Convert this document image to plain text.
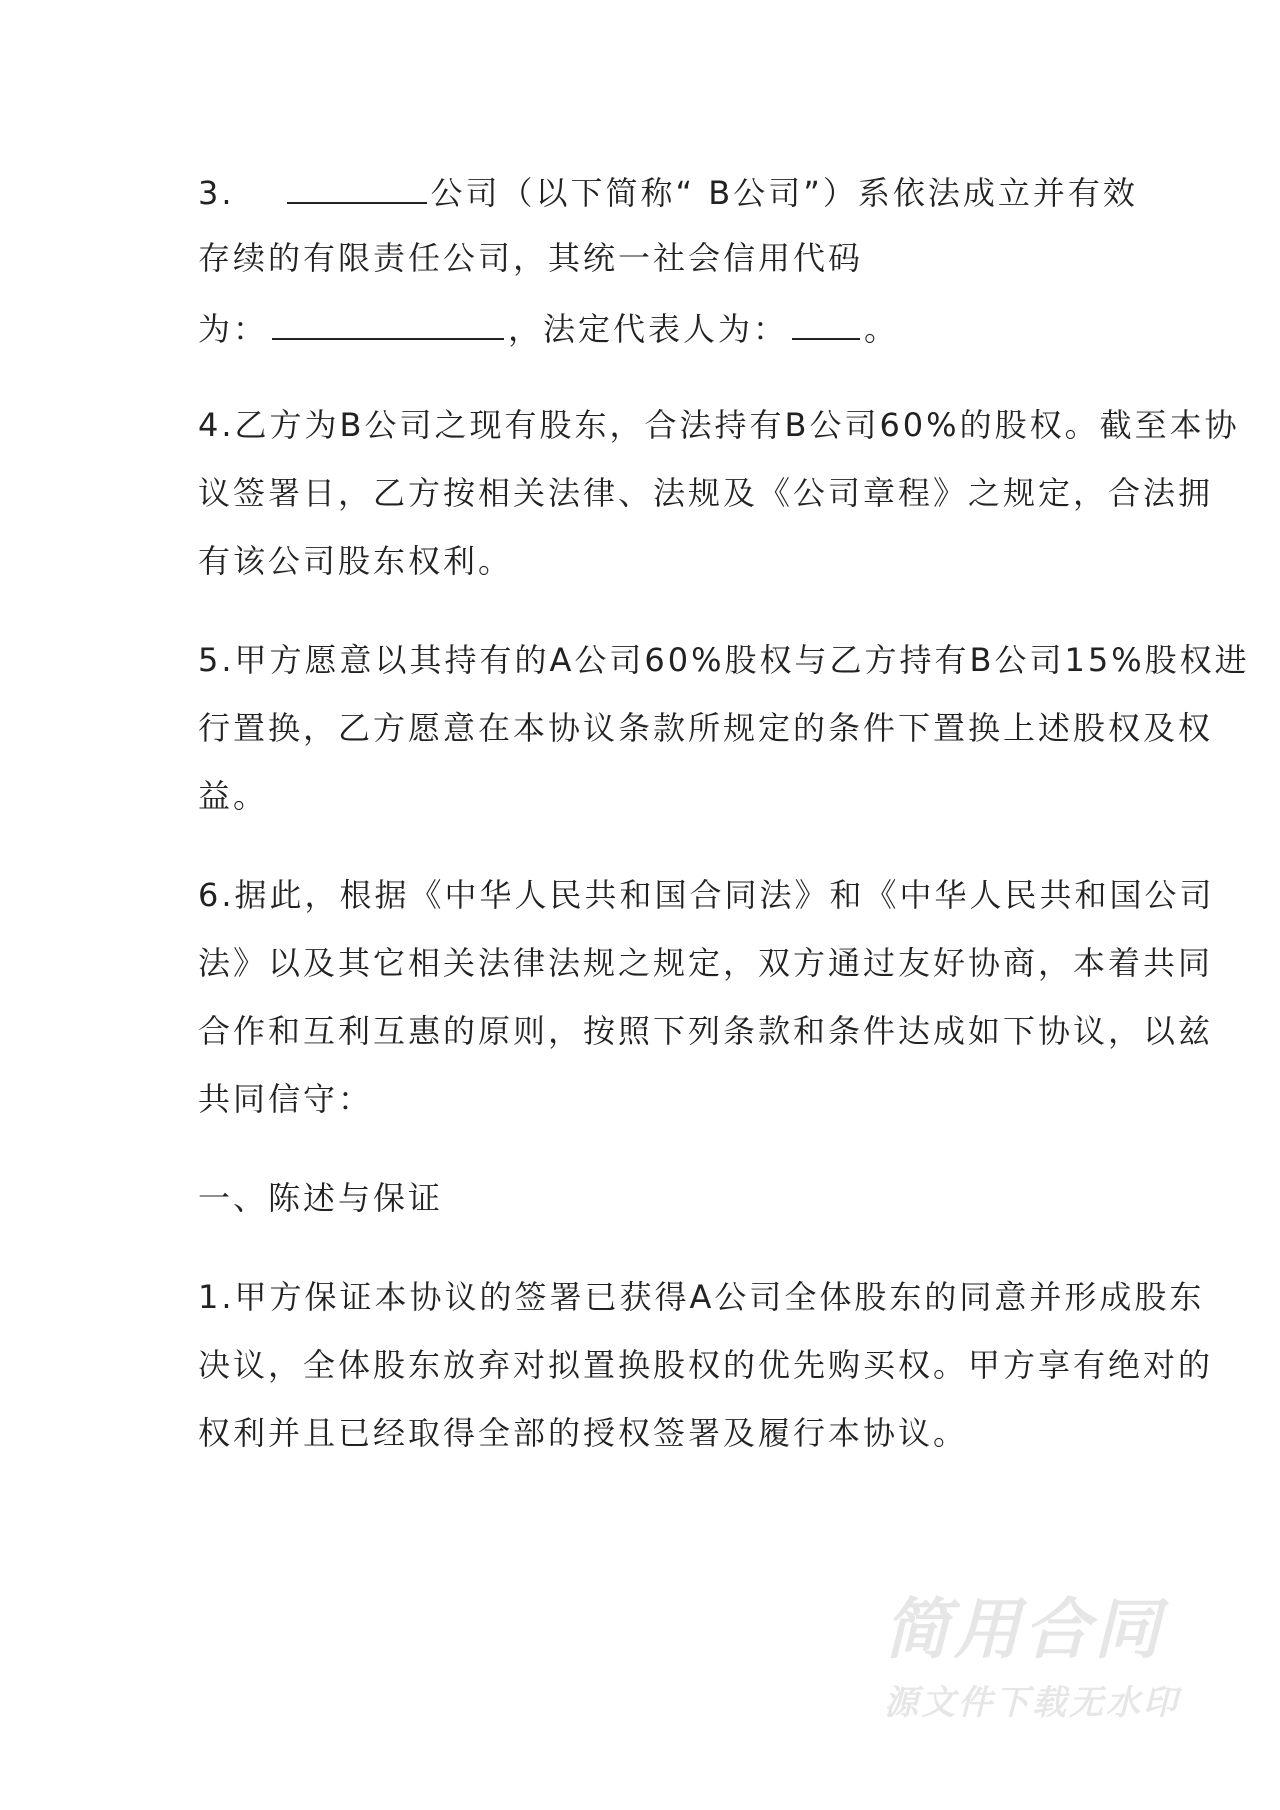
3.	公司（以下简称“ B公司”）系依法成立并有效
存续的有限责任公司，其统一社会信用代码
为：	，法定代表人为： 。
4.乙方为B公司之现有股东，合法持有B公司60%的股权。截至本协
议签署日，乙方按相关法律、法规及《公司章程》之规定，合法拥
有该公司股东权利。
5.甲方愿意以其持有的A公司60%股权与乙方持有B公司15%股权进
行置换，乙方愿意在本协议条款所规定的条件下置换上述股权及权
益。
6.据此，根据《中华人民共和国合同法》和《中华人民共和国公司
法》以及其它相关法律法规之规定，双方通过友好协商，本着共同
合作和互利互惠的原则，按照下列条款和条件达成如下协议，以兹
共同信守：
一、陈述与保证
1.甲方保证本协议的签署已获得A公司全体股东的同意并形成股东
决议，全体股东放弃对拟置换股权的优先购买权。甲方享有绝对的
权利并且已经取得全部的授权签署及履行本协议。
简用合同
源文件下载无水印
